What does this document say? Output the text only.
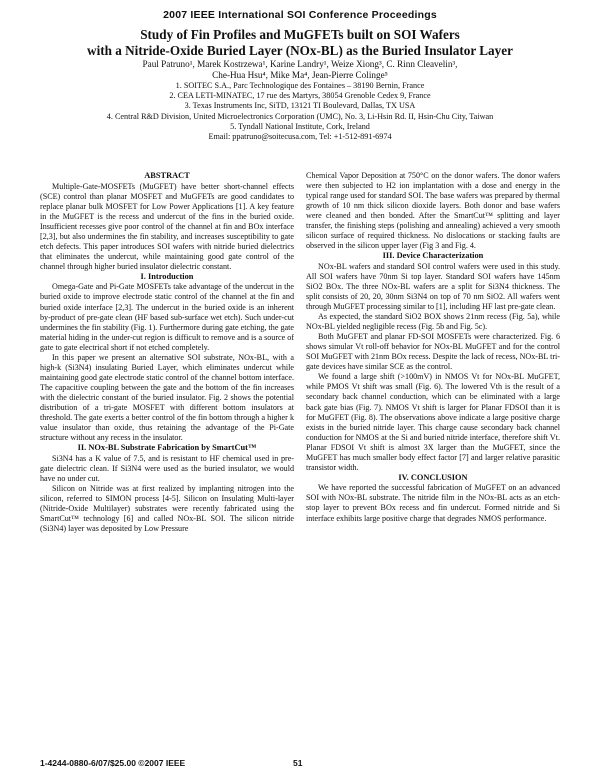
2007 IEEE International SOI Conference Proceedings
Study of Fin Profiles and MuGFETs built on SOI Wafers
with a Nitride-Oxide Buried Layer (NOx-BL) as the Buried Insulator Layer
Paul Patruno¹, Marek Kostrzewa¹, Karine Landry¹, Weize Xiong³, C. Rinn Cleavelin³,
Che-Hua Hsu⁴, Mike Ma⁴, Jean-Pierre Colinge⁵
1. SOITEC S.A., Parc Technologique des Fontaines – 38190 Bernin, France
2. CEA LETI-MINATEC, 17 rue des Martyrs, 38054 Grenoble Cedex 9, France
3. Texas Instruments Inc, SiTD, 13121 TI Boulevard, Dallas, TX USA
4. Central R&D Division, United Microelectronics Corporation (UMC), No. 3, Li-Hsin Rd. II, Hsin-Chu City, Taiwan
5. Tyndall National Institute, Cork, Ireland
Email: ppatruno@soitecusa.com, Tel: +1-512-891-6974
ABSTRACT

Multiple-Gate-MOSFETs (MuGFET) have better short-channel effects (SCE) control than planar MOSFET and MuGFETs are good candidates to replace planar bulk MOSFET for Low Power Applications [1]. A key feature in the MuGFET is the recess and undercut of the fins in the buried oxide. Insufficient recesses give poor control of the channel at fin and BOx interface [2,3], but also undermines the fin stability, and increases susceptibility to gate etch defects. This paper introduces SOI wafers with nitride buried dielectrics that eliminates the undercut, while maintaining good gate control of the channel through higher buried insulator dielectric constant.

I. Introduction

Omega-Gate and Pi-Gate MOSFETs take advantage of the undercut in the buried oxide to improve electrode static control of the channel at the fin and buried oxide interface [2,3]. The undercut in the buried oxide is an inherent by-product of pre-gate clean (HF based sub-surface wet etch). Such under-cut undermines the fin stability (Fig. 1). Furthermore during gate etching, the gate material hiding in the under-cut region is difficult to remove and is a source of gate to gate electrical short if not etched completely.

In this paper we present an alternative SOI substrate, NOx-BL, with a high-k (Si3N4) insulating Buried Layer, which eliminates undercut while maintaining good gate electrode static control of the channel bottom interface. The capacitive coupling between the gate and the bottom of the fin increases with the dielectric constant of the buried insulator. Fig. 2 shows the potential distribution of a tri-gate MOSFET with different bottom insulators at threshold. The gate exerts a better control of the fin bottom through a higher k value insulator than oxide, thus retaining the advantage of the Pi-Gate structure without any recess in the insulator.

II. NOx-BL Substrate Fabrication by SmartCut™

Si3N4 has a K value of 7.5, and is resistant to HF chemical used in pre-gate dielectric clean. If Si3N4 were used as the buried insulator, we would have no under cut.

Silicon on Nitride was at first realized by implanting nitrogen into the silicon, referred to SIMON process [4-5]. Silicon on Insulating Multi-layer (Nitride-Oxide Multilayer) substrates were recently fabricated using the SmartCut™ technology [6] and called NOx-BL SOI. The silicon nitride (Si3N4) layer was deposited by Low Pressure

Chemical Vapor Deposition at 750°C on the donor wafers. The donor wafers were then subjected to H2 ion implantation with a dose and energy in the typical range used for standard SOI. The base wafers was prepared by thermal growth of 10 nm thick silicon dioxide layers. Both donor and base wafers were cleaned and then bonded. After the SmartCut™ splitting and layer transfer, the finishing steps (polishing and annealing) achieved a very smooth silicon surface of required thickness. No dislocations or stacking faults are observed in the silicon upper layer (Fig 3 and Fig. 4.

III. Device Characterization

NOx-BL wafers and standard SOI control wafers were used in this study. All SOI wafers have 70nm Si top layer. Standard SOI wafers have 145nm SiO2 BOx. The three NOx-BL wafers are a split for Si3N4 thickness. The split consists of 20, 20, 30nm Si3N4 on top of 70 nm SiO2. All wafers went through MuGFET processing similar to [1], including HF last pre-gate clean.

As expected, the standard SiO2 BOX shows 21nm recess (Fig. 5a), while NOx-BL yielded negligible recess (Fig. 5b and Fig. 5c).

Both MuGFET and planar FD-SOI MOSFETs were characterized. Fig. 6 shows simular Vt roll-off behavior for NOx-BL MuGFET and for the control SOI MuGFET with 21nm BOx recess. Despite the lack of recess, NOx-BL tri-gate devices have similar SCE as the control.

We found a large shift (>100mV) in NMOS Vt for NOx-BL MuGFET, while PMOS Vt shift was small (Fig. 6). The lowered Vth is the result of a secondary back channel conduction, which can be eliminated with a large back gate bias (Fig. 7). NMOS Vt shift is larger for Planar FDSOI than it is for MuGFET (Fig. 8). The observations above indicate a large positive charge exists in the buried nitride layer. This charge cause secondary back channel conduction for NMOS at the Si and buried nitride interface, therefore shift Vt. Planar FDSOI Vt shift is almost 3X larger than the MuGFET, since the MuGFET has much smaller body effect factor [7] and larger relative parasitic transistor width.

IV. CONCLUSION

We have reported the successful fabrication of MuGFET on an advanced SOI with NOx-BL substrate. The nitride film in the NOx-BL acts as an etch-stop layer to prevent BOx recess and fin undercut. Formed nitride and Si interface exhibits large positive charge that degrades NMOS performance.

1-4244-0880-6/07/$25.00 ©2007 IEEE	51
